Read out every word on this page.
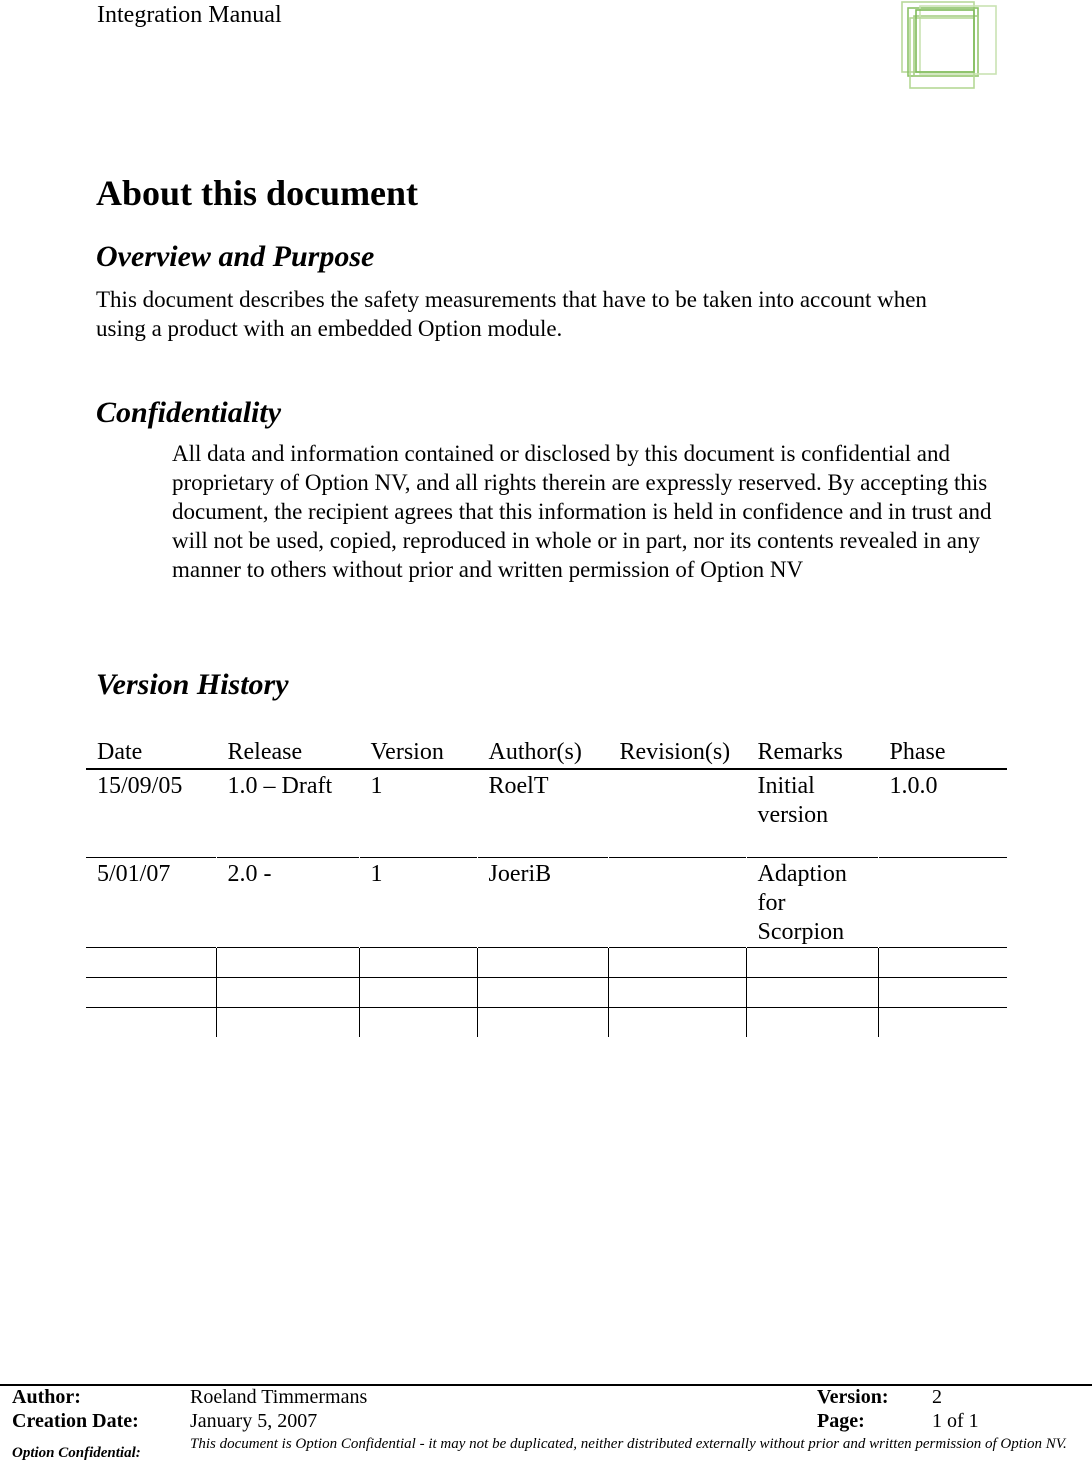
Integration Manual
About this document
Overview and Purpose
This document describes the safety measurements that have to be taken into account when using a product with an embedded Option module.
Confidentiality
All data and information contained or disclosed by this document is confidential and proprietary of Option NV, and all rights therein are expressly reserved. By accepting this document, the recipient agrees that this information is held in confidence and in trust and will not be used, copied, reproduced in whole or in part, nor its contents revealed in any manner to others without prior and written permission of Option NV
Version History
Date	Release	Version	Author(s)	Revision(s)	Remarks	Phase
15/09/05	1.0 – Draft	1	RoelT		Initial version	1.0.0
5/01/07	2.0 -	1	JoeriB		Adaption for Scorpion	

Author:	Roeland Timmermans	Version: 2
Creation Date:	January 5, 2007	Page:	1 of 1
Option Confidential:
This document is Option Confidential - it may not be duplicated, neither distributed externally without prior and written permission of Option NV.
